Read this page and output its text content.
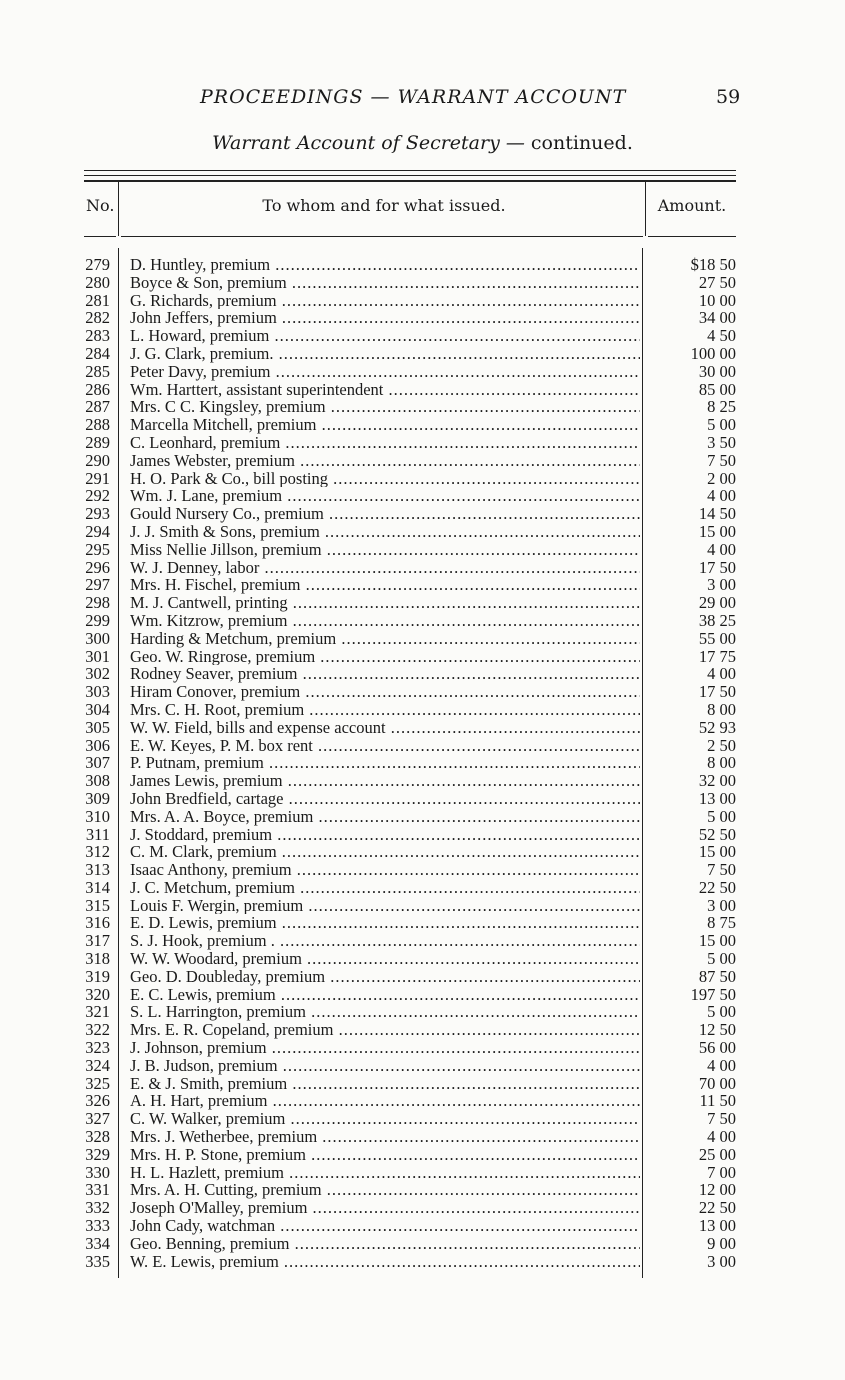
PROCEEDINGS — WARRANT ACCOUNT	59
Warrant Account of Secretary — continued.
No.	To whom and for what issued.	Amount.
279 D. Huntley, premium .....	$18 50
280 Boyce & Son, premium .....	27 50
281 G. Richards, premium .....	10 00
282 John Jeffers, premium .....	34 00
283 L. Howard, premium .....	4 50
284 J. G. Clark, premium. .....	100 00
285 Peter Davy, premium .....	30 00
286 Wm. Harttert, assistant superintendent .....	85 00
287 Mrs. C C. Kingsley, premium .....	8 25
288 Marcella Mitchell, premium .....	5 00
289 C. Leonhard, premium .....	3 50
290 James Webster, premium .....	7 50
291 H. O. Park & Co., bill posting .....	2 00
292 Wm. J. Lane, premium .....	4 00
293 Gould Nursery Co., premium .....	14 50
294 J. J. Smith & Sons, premium .....	15 00
295 Miss Nellie Jillson, premium .....	4 00
296 W. J. Denney, labor .....	17 50
297 Mrs. H. Fischel, premium .....	3 00
298 M. J. Cantwell, printing .....	29 00
299 Wm. Kitzrow, premium .....	38 25
300 Harding & Metchum, premium .....	55 00
301 Geo. W. Ringrose, premium .....	17 75
302 Rodney Seaver, premium .....	4 00
303 Hiram Conover, premium .....	17 50
304 Mrs. C. H. Root, premium .....	8 00
305 W. W. Field, bills and expense account .....	52 93
306 E. W. Keyes, P. M. box rent .....	2 50
307 P. Putnam, premium .....	8 00
308 James Lewis, premium .....	32 00
309 John Bredfield, cartage .....	13 00
310 Mrs. A. A. Boyce, premium .....	5 00
311 J. Stoddard, premium .....	52 50
312 C. M. Clark, premium .....	15 00
313 Isaac Anthony, premium .....	7 50
314 J. C. Metchum, premium .....	22 50
315 Louis F. Wergin, premium .....	3 00
316 E. D. Lewis, premium .....	8 75
317 S. J. Hook, premium . .....	15 00
318 W. W. Woodard, premium .....	5 00
319 Geo. D. Doubleday, premium .....	87 50
320 E. C. Lewis, premium .....	197 50
321 S. L. Harrington, premium .....	5 00
322 Mrs. E. R. Copeland, premium .....	12 50
323 J. Johnson, premium .....	56 00
324 J. B. Judson, premium .....	4 00
325 E. & J. Smith, premium .....	70 00
326 A. H. Hart, premium .....	11 50
327 C. W. Walker, premium .....	7 50
328 Mrs. J. Wetherbee, premium .....	4 00
329 Mrs. H. P. Stone, premium .....	25 00
330 H. L. Hazlett, premium .....	7 00
331 Mrs. A. H. Cutting, premium .....	12 00
332 Joseph O'Malley, premium .....	22 50
333 John Cady, watchman .....	13 00
334 Geo. Benning, premium .....	9 00
335 W. E. Lewis, premium .....	3 00
